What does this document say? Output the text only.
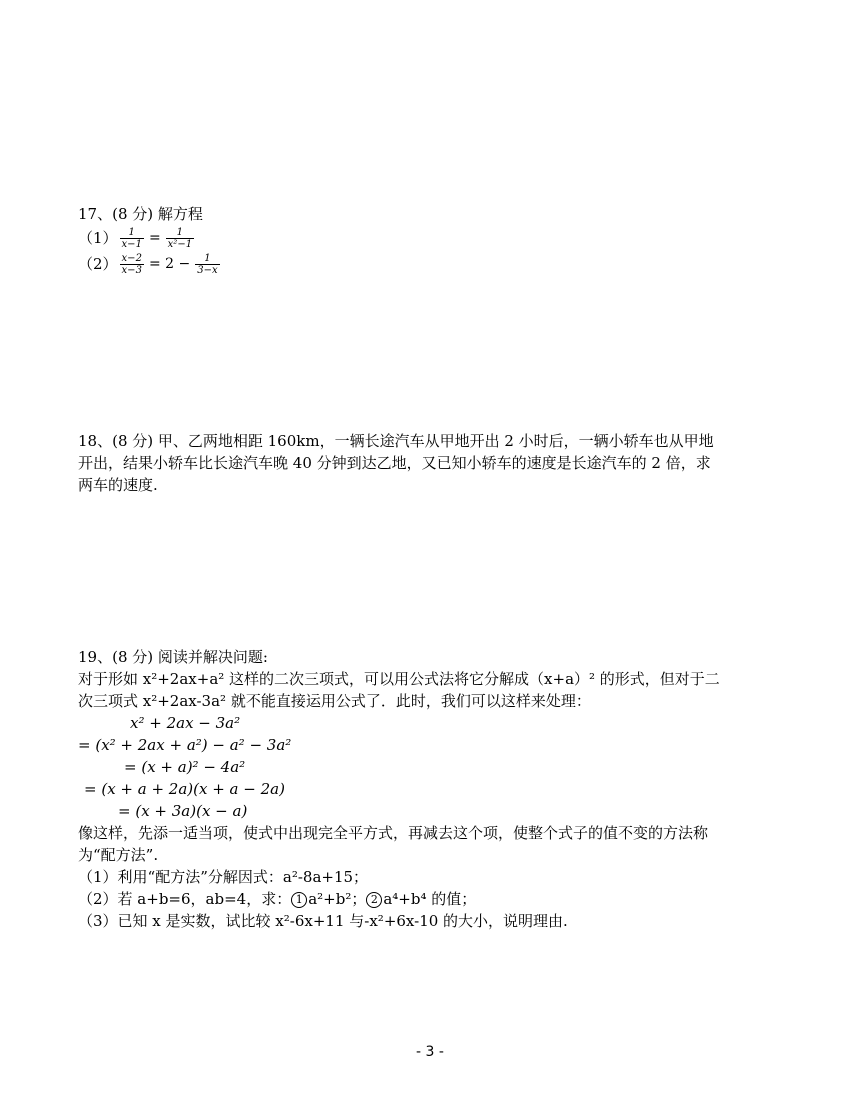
17、(8 分) 解方程
$(1) \frac{1}{x-1} = \frac{1}{\text{x²−1}}$
$(2) \frac{x-2}{x-3} = 2 - \frac{1}{3-x}$
18、(8 分) 甲、乙两地相距 160km，一辆长途汽车从甲地开出 2 小时后，一辆小轿车也从甲地
开出，结果小轿车比长途汽车晚 40 分钟到达乙地，又已知小轿车的速度是长途汽车的 2 倍，求
两车的速度.
19、(8 分) 阅读并解决问题:
对于形如 x²+2ax+a² 这样的二次三项式，可以用公式法将它分解成（x+a）² 的形式，但对于二
次三项式 x²+2ax-3a² 就不能直接运用公式了．此时，我们可以这样来处理：
x² + 2ax − 3a²
= (x² + 2ax + a²) − a² − 3a²
= (x + a)² − 4a²
= (x + a + 2a)(x + a − 2a)
= (x + 3a)(x − a)
像这样，先添一适当项，使式中出现完全平方式，再减去这个项，使整个式子的值不变的方法称
为“配方法”.
（1）利用“配方法”分解因式：a²-8a+15；
（2）若 a+b=6，ab=4，求： 1 a²+b²； 2 a⁴+b⁴ 的值；
（3）已知 x 是实数，试比较 x²-6x+11 与-x²+6x-10 的大小，说明理由.
- 3 -
